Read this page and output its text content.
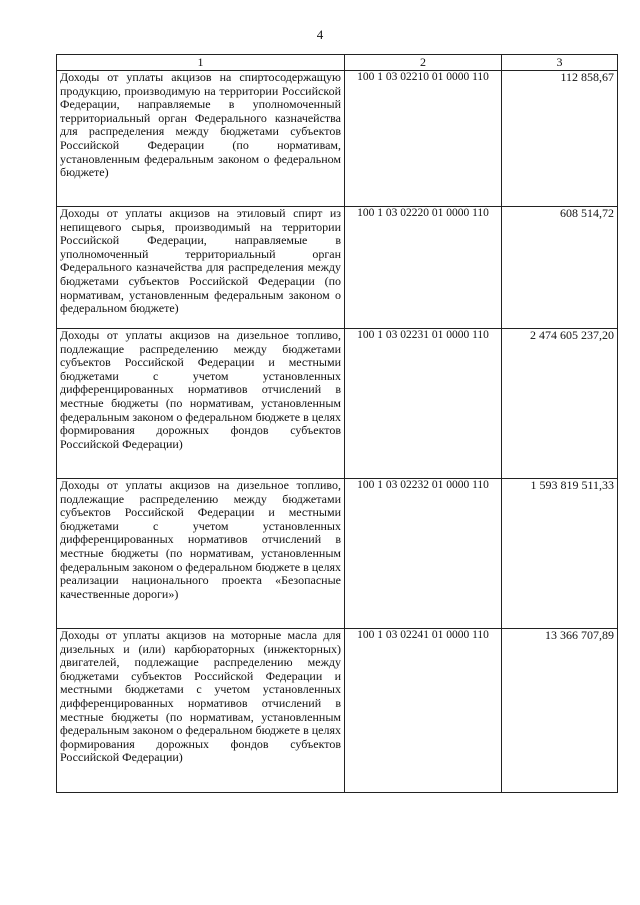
4
1	2	3
Доходы от уплаты акцизов на спиртосодержащую продукцию, производимую на территории Российской Федерации, направляемые в уполномоченный территориальный орган Федерального казначейства для распределения между бюджетами субъектов Российской Федерации (по нормативам, установленным федеральным законом о федеральном бюджете)	100 1 03 02210 01 0000 110	112 858,67
Доходы от уплаты акцизов на этиловый спирт из непищевого сырья, производимый на территории Российской Федерации, направляемые в уполномоченный территориальный орган Федерального казначейства для распределения между бюджетами субъектов Российской Федерации (по нормативам, установленным федеральным законом о федеральном бюджете)	100 1 03 02220 01 0000 110	608 514,72
Доходы от уплаты акцизов на дизельное топливо, подлежащие распределению между бюджетами субъектов Российской Федерации и местными бюджетами с учетом установленных дифференцированных нормативов отчислений в местные бюджеты (по нормативам, установленным федеральным законом о федеральном бюджете в целях формирования дорожных фондов субъектов Российской Федерации)	100 1 03 02231 01 0000 110	2 474 605 237,20
Доходы от уплаты акцизов на дизельное топливо, подлежащие распределению между бюджетами субъектов Российской Федерации и местными бюджетами с учетом установленных дифференцированных нормативов отчислений в местные бюджеты (по нормативам, установленным федеральным законом о федеральном бюджете в целях реализации национального проекта «Безопасные качественные дороги»)	100 1 03 02232 01 0000 110	1 593 819 511,33
Доходы от уплаты акцизов на моторные масла для дизельных и (или) карбюраторных (инжекторных) двигателей, подлежащие распределению между бюджетами субъектов Российской Федерации и местными бюджетами с учетом установленных дифференцированных нормативов отчислений в местные бюджеты (по нормативам, установленным федеральным законом о федеральном бюджете в целях формирования дорожных фондов субъектов Российской Федерации)	100 1 03 02241 01 0000 110	13 366 707,89
